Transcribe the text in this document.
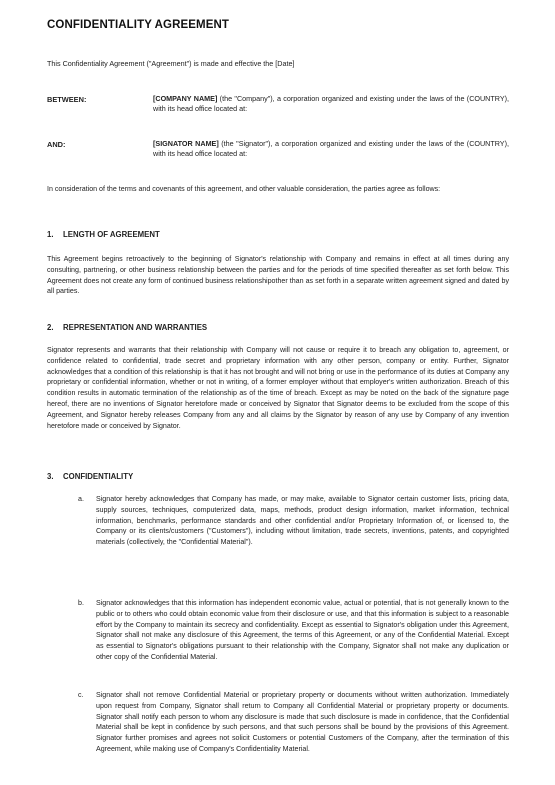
CONFIDENTIALITY AGREEMENT
This Confidentiality Agreement ("Agreement") is made and effective the [Date]
BETWEEN:	[COMPANY NAME] (the "Company"), a corporation organized and existing under the laws of the (COUNTRY), with its head office located at:
AND:	[SIGNATOR NAME] (the "Signator"), a corporation organized and existing under the laws of the (COUNTRY), with its head office located at:
In consideration of the terms and covenants of this agreement, and other valuable consideration, the parties agree as follows:
1. LENGTH OF AGREEMENT
This Agreement begins retroactively to the beginning of Signator's relationship with Company and remains in effect at all times during any consulting, partnering, or other business relationship between the parties and for the periods of time specified thereafter as set forth below. This Agreement does not create any form of continued business relationshipother than as set forth in a separate written agreement signed and dated by all parties.
2. REPRESENTATION AND WARRANTIES
Signator represents and warrants that their relationship with Company will not cause or require it to breach any obligation to, agreement, or confidence related to confidential, trade secret and proprietary information with any other person, company or entity. Further, Signator acknowledges that a condition of this relationship is that it has not brought and will not bring or use in the performance of its duties at Company any proprietary or confidential information, whether or not in writing, of a former employer without that employer's written authorization. Breach of this condition results in automatic termination of the relationship as of the time of breach. Except as may be noted on the back of the signature page hereof, there are no inventions of Signator heretofore made or conceived by Signator that Signator deems to be excluded from the scope of this Agreement, and Signator hereby releases Company from any and all claims by the Signator by reason of any use by Company of any invention heretofore made or conceived by Signator.
3. CONFIDENTIALITY
a.	Signator hereby acknowledges that Company has made, or may make, available to Signator certain customer lists, pricing data, supply sources, techniques, computerized data, maps, methods, product design information, market information, technical information, benchmarks, performance standards and other confidential and/or Proprietary Information of, or licensed to, the Company or its clients/customers ("Customers"), including without limitation, trade secrets, inventions, patents, and copyrighted materials (collectively, the "Confidential Material").
b.	Signator acknowledges that this information has independent economic value, actual or potential, that is not generally known to the public or to others who could obtain economic value from their disclosure or use, and that this information is subject to a reasonable effort by the Company to maintain its secrecy and confidentiality. Except as essential to Signator's obligation under this Agreement, Signator shall not make any disclosure of this Agreement, the terms of this Agreement, or any of the Confidential Material. Except as essential to Signator's obligations pursuant to their relationship with the Company, Signator shall not make any duplication or other copy of the Confidential Material.
c.	Signator shall not remove Confidential Material or proprietary property or documents without written authorization. Immediately upon request from Company, Signator shall return to Company all Confidential Material or proprietary property or documents. Signator shall notify each person to whom any disclosure is made that such disclosure is made in confidence, that the Confidential Material shall be kept in confidence by such persons, and that such persons shall be bound by the provisions of this Agreement. Signator further promises and agrees not solicit Customers or potential Customers of the Company, after the termination of this Agreement, while making use of Company's Confidentiality Material.
